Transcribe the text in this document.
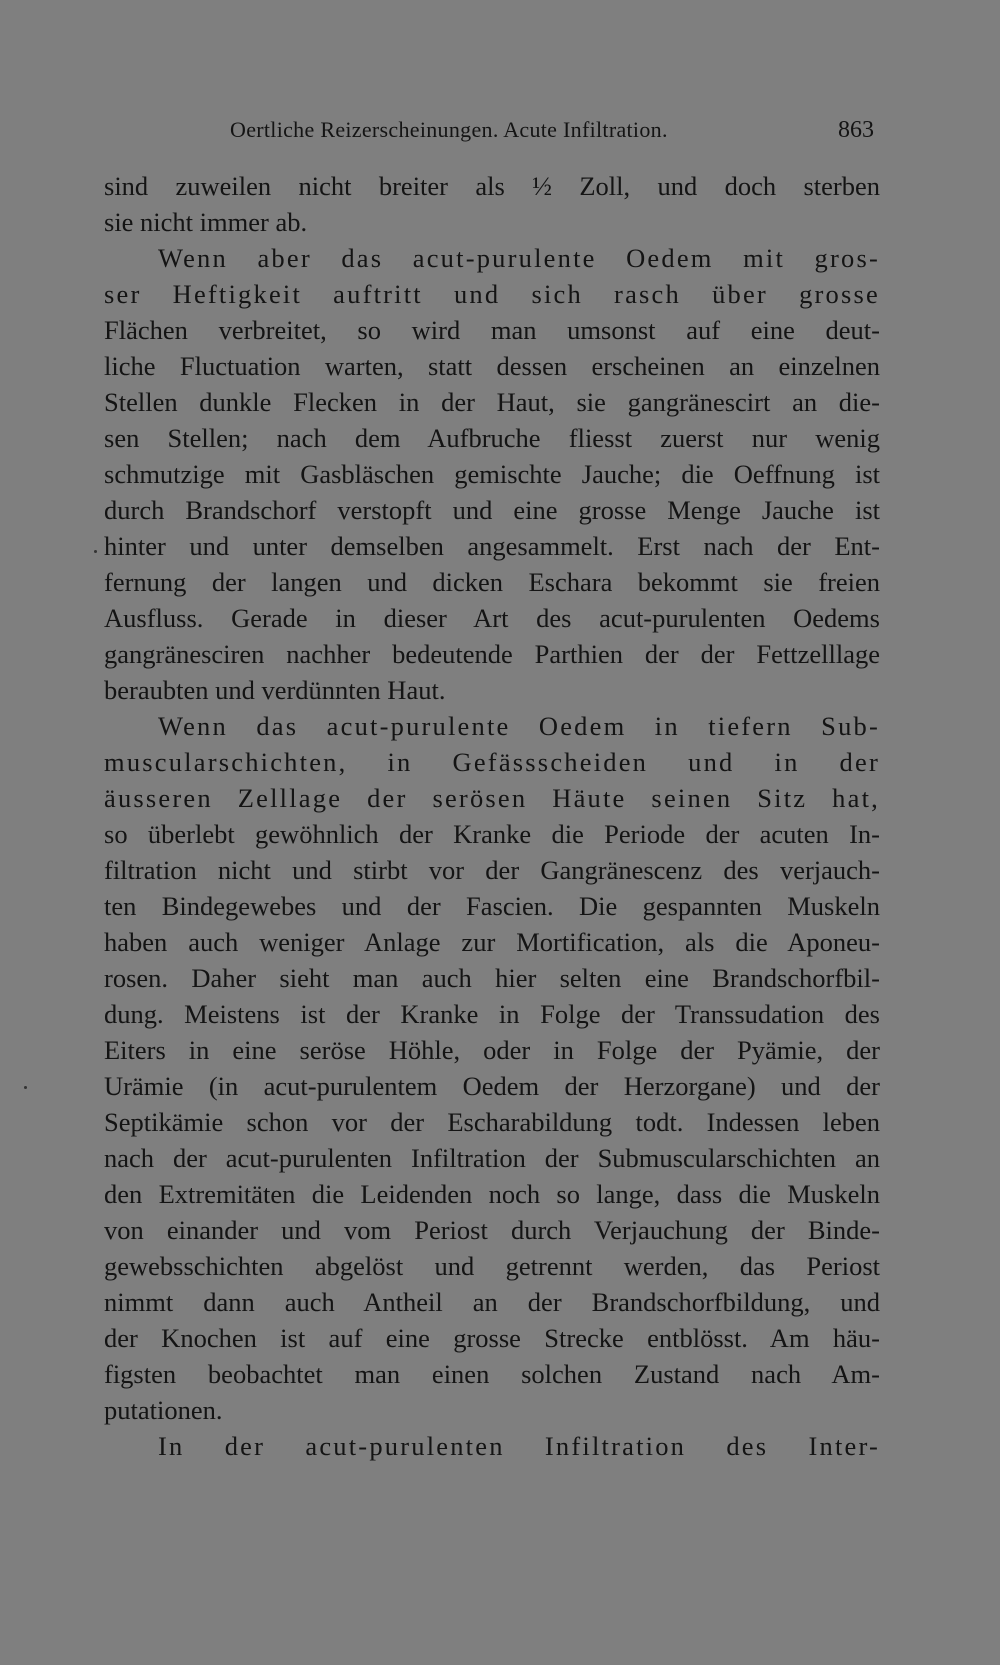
Oertliche Reizerscheinungen. Acute Infiltration.	863
sind zuweilen nicht breiter als ½ Zoll, und doch sterben
sie nicht immer ab.
Wenn aber das acut-purulente Oedem mit gros-
ser Heftigkeit auftritt und sich rasch über grosse
Flächen verbreitet, so wird man umsonst auf eine deut-
liche Fluctuation warten, statt dessen erscheinen an einzelnen
Stellen dunkle Flecken in der Haut, sie gangränescirt an die-
sen Stellen; nach dem Aufbruche fliesst zuerst nur wenig
schmutzige mit Gasbläschen gemischte Jauche; die Oeffnung ist
durch Brandschorf verstopft und eine grosse Menge Jauche ist
hinter und unter demselben angesammelt. Erst nach der Ent-
fernung der langen und dicken Eschara bekommt sie freien
Ausfluss. Gerade in dieser Art des acut-purulenten Oedems
gangränesciren nachher bedeutende Parthien der der Fettzelllage
beraubten und verdünnten Haut.
Wenn das acut-purulente Oedem in tiefern Sub-
muscularschichten, in Gefässscheiden und in der
äusseren Zelllage der serösen Häute seinen Sitz hat,
so überlebt gewöhnlich der Kranke die Periode der acuten In-
filtration nicht und stirbt vor der Gangränescenz des verjauch-
ten Bindegewebes und der Fascien. Die gespannten Muskeln
haben auch weniger Anlage zur Mortification, als die Aponeu-
rosen. Daher sieht man auch hier selten eine Brandschorfbil-
dung. Meistens ist der Kranke in Folge der Transsudation des
Eiters in eine seröse Höhle, oder in Folge der Pyämie, der
Urämie (in acut-purulentem Oedem der Herzorgane) und der
Septikämie schon vor der Escharabildung todt. Indessen leben
nach der acut-purulenten Infiltration der Submuscularschichten an
den Extremitäten die Leidenden noch so lange, dass die Muskeln
von einander und vom Periost durch Verjauchung der Binde-
gewebsschichten abgelöst und getrennt werden, das Periost
nimmt dann auch Antheil an der Brandschorfbildung, und
der Knochen ist auf eine grosse Strecke entblösst. Am häu-
figsten beobachtet man einen solchen Zustand nach Am-
putationen.
In der acut-purulenten Infiltration des Inter-
